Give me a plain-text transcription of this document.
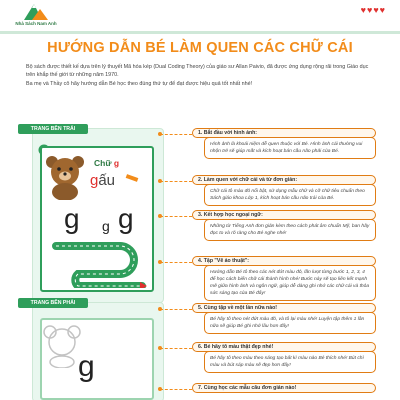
Nhà Sách Nam Anh
♥♥♥♥
HƯỚNG DẪN BÉ LÀM QUEN CÁC CHỮ CÁI
Bộ sách được thiết kế dựa trên lý thuyết Mã hóa kép (Dual Coding Theory) của giáo sư Allan Paivio, đã được ứng dụng rộng rãi trong Giáo dục trên khắp thế giới từ những năm 1970.
Ba mẹ và Thầy cô hãy hướng dẫn Bé học theo đúng thứ tự để đạt được hiệu quả tốt nhất nhé!
TRANG BÊN TRÁI
Chữ g
gấu
g g g
TRANG BÊN PHẢI
g
1. Bắt đầu với hình ảnh:
Hình ảnh là khoái niệm dễ quen thuộc với Bé. Hình ảnh cái thường vui nhộn trẻ sẽ giúp mắt và kích hoạt bán cầu não phải của Bé.
2. Làm quen với chữ cái và từ đơn giản:
Chữ cái tô màu đỏ nổi bật, sử dụng mẫu chữ và cỡ chữ tiêu chuẩn theo Sách giáo khoa Lớp 1, kích hoạt bán cầu não trái của Bé.
3. Kết hợp học ngoại ngữ:
Những từ Tiếng Anh đơn giản kèm theo cách phát âm chuẩn Mỹ, ban hãy đọc to và rõ ràng cho Bé nghe nhé!
4. Tập "Vẽ ảo thuật":
Hướng dẫn Bé tô theo các nét đứt màu đỏ, lần lượt từng bước 1, 2, 3, 4 để học cách biến chữ cái thành hình nhé! Bước này sẽ tạo liên kết mạnh mẽ giữa hình ảnh và ngôn ngữ, giúp dễ dàng ghi nhớ các chữ cái và thỏa sức sáng tạo của Bé đấy!
5. Cùng tập về một lần nữa nào!
Bé hãy tô theo nét đứt màu đỏ, và tô lại màu nhé! Luyện tập thêm 1 lần nữa sẽ giúp Bé ghi nhớ lâu hơn đấy!
6. Bé hãy tô màu thật đẹp nhé!
Bé hãy tô theo màu theo sáng tạo bất kì màu nào Bé thích nhé! Bút chì màu và bút sáp màu sẽ đẹp hơn đấy!
7. Cùng học các mẫu câu đơn giản nào!
